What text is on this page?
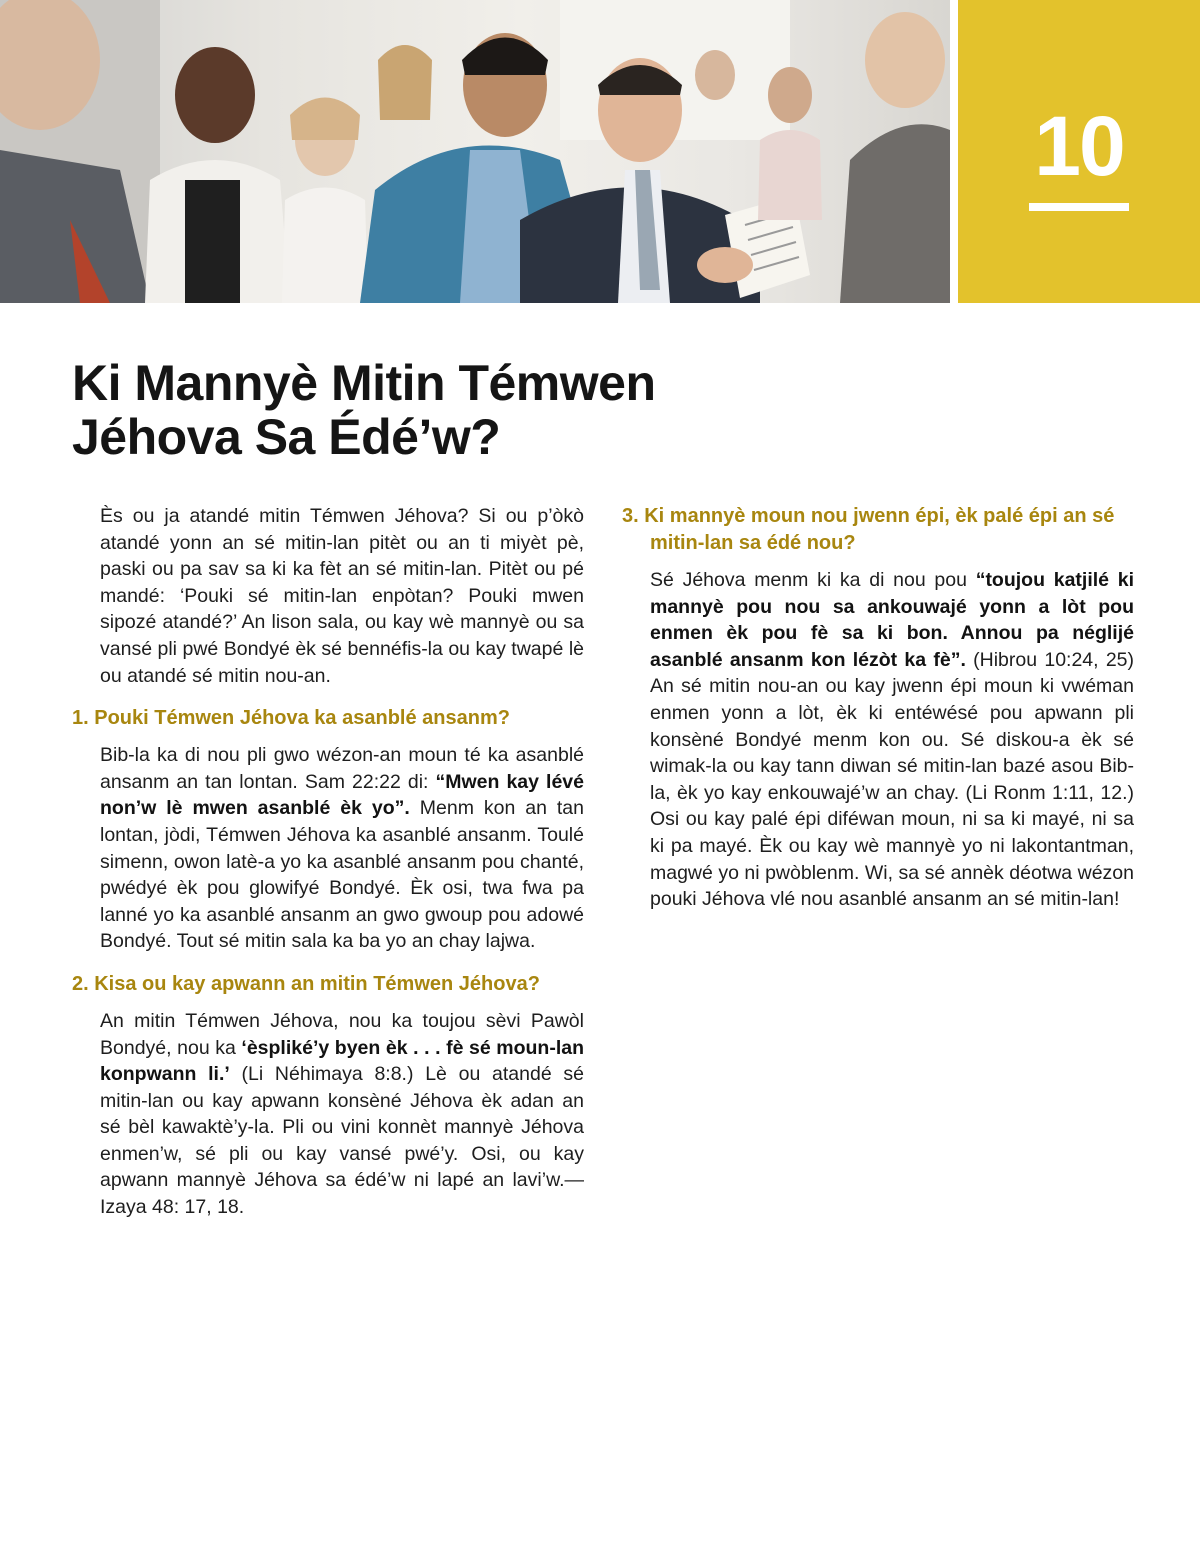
10
Ki Mannyè Mitin Témwen
Jéhova Sa Édé’w?

Ès ou ja atandé mitin Témwen Jéhova? Si ou p’òkò atandé yonn an sé mitin-lan pitèt ou an ti miyèt pè, paski ou pa sav sa ki ka fèt an sé mitin-lan. Pitèt ou pé mandé: ‘Pouki sé mitin-lan enpòtan? Pouki mwen sipozé atandé?’ An lison sala, ou kay wè mannyè ou sa vansé pli pwé Bondyé èk sé bennéfis-la ou kay twapé lè ou atandé sé mitin nou-an.

1. Pouki Témwen Jéhova ka asanblé ansanm?

Bib-la ka di nou pli gwo wézon-an moun té ka asanblé ansanm an tan lontan. Sam 22:22 di: “Mwen kay lévé non’w lè mwen asanblé èk yo”. Menm kon an tan lontan, jòdi, Témwen Jéhova ka asanblé ansanm. Toulé simenn, owon latè-a yo ka asanblé ansanm pou chanté, pwédyé èk pou glowifyé Bondyé. Èk osi, twa fwa pa lanné yo ka asanblé ansanm an gwo gwoup pou adowé Bondyé. Tout sé mitin sala ka ba yo an chay lajwa.

2. Kisa ou kay apwann an mitin Témwen Jéhova?

An mitin Témwen Jéhova, nou ka toujou sèvi Pawòl Bondyé, nou ka ‘èspliké’y byen èk . . . fè sé moun-lan konpwann li.’ (Li Néhimaya 8:8.) Lè ou atandé sé mitin-lan ou kay apwann konsèné Jéhova èk adan an sé bèl kawaktè’y-la. Pli ou vini konnèt mannyè Jéhova enmen’w, sé pli ou kay vansé pwé’y. Osi, ou kay apwann mannyè Jéhova sa édé’w ni lapé an lavi’w.—Izaya 48: 17, 18.

3. Ki mannyè moun nou jwenn épi, èk palé épi an sé mitin-lan sa édé nou?

Sé Jéhova menm ki ka di nou pou “toujou katjilé ki mannyè pou nou sa ankouwajé yonn a lòt pou enmen èk pou fè sa ki bon. Annou pa néglijé asanblé ansanm kon lézòt ka fè”. (Hibrou 10:24, 25) An sé mitin nou-an ou kay jwenn épi moun ki vwéman enmen yonn a lòt, èk ki entéwésé pou apwann pli konsèné Bondyé menm kon ou. Sé diskou-a èk sé wimak-la ou kay tann diwan sé mitin-lan bazé asou Bib-la, èk yo kay enkouwajé’w an chay. (Li Ronm 1:11, 12.) Osi ou kay palé épi diféwan moun, ni sa ki mayé, ni sa ki pa mayé. Èk ou kay wè mannyè yo ni lakontantman, magwé yo ni pwòblenm. Wi, sa sé annèk déotwa wézon pouki Jéhova vlé nou asanblé ansanm an sé mitin-lan!
